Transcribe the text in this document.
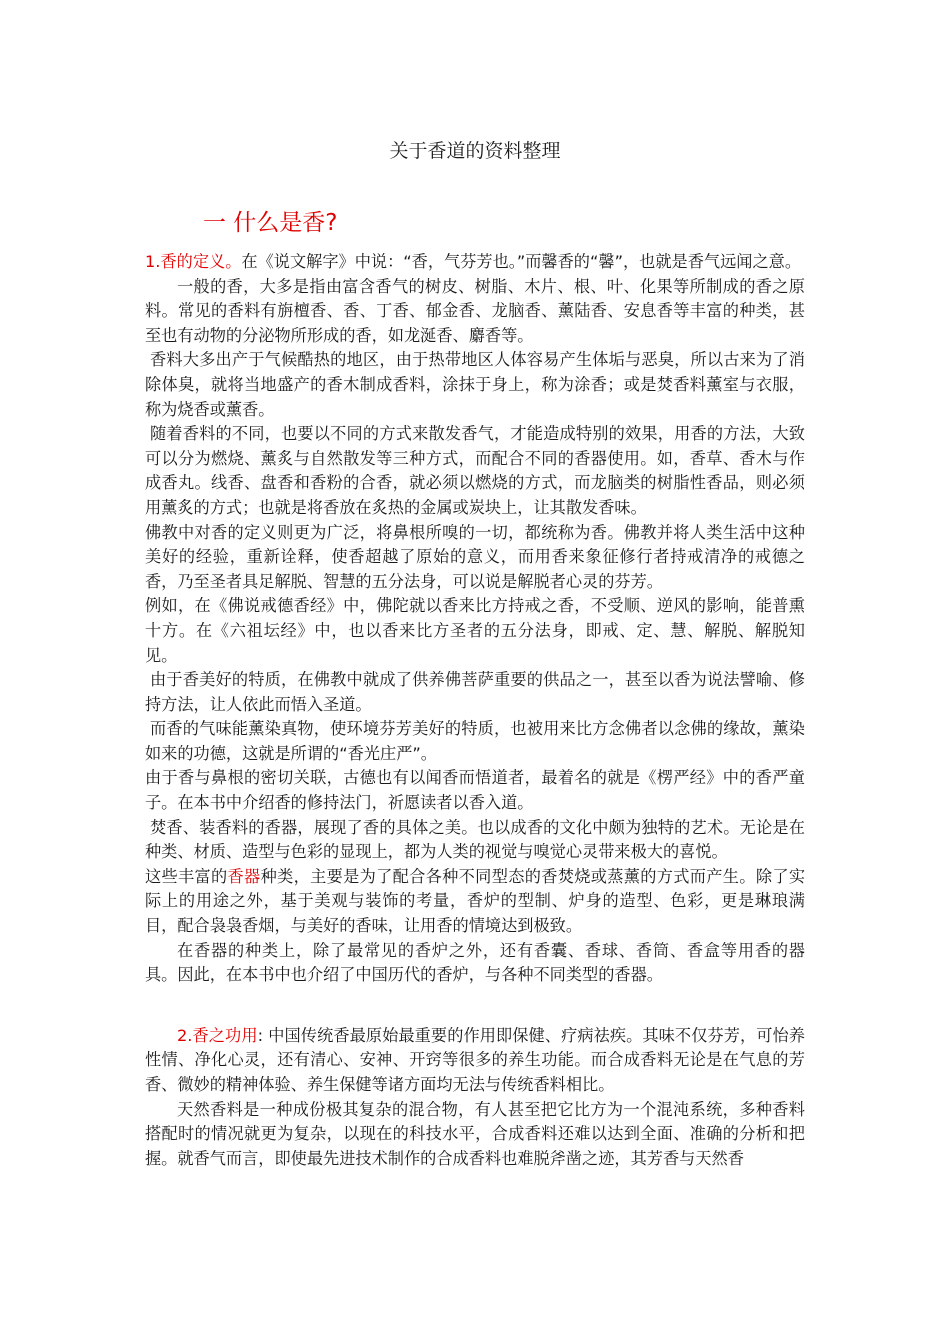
关于香道的资料整理
一 什么是香?

1.香的定义。在《说文解字》中说：“香，气芬芳也。”而馨香的“馨”，也就是香气远闻之意。

一般的香，大多是指由富含香气的树皮、树脂、木片、根、叶、化果等所制成的香之原料。常见的香料有旃檀香、香、丁香、郁金香、龙脑香、薰陆香、安息香等丰富的种类，甚至也有动物的分泌物所形成的香，如龙涎香、麝香等。

香料大多出产于气候酷热的地区，由于热带地区人体容易产生体垢与恶臭，所以古来为了消除体臭，就将当地盛产的香木制成香料，涂抹于身上，称为涂香；或是焚香料薰室与衣服，称为烧香或薰香。

随着香料的不同，也要以不同的方式来散发香气，才能造成特别的效果，用香的方法，大致可以分为燃烧、薰炙与自然散发等三种方式，而配合不同的香器使用。如，香草、香木与作成香丸。线香、盘香和香粉的合香，就必须以燃烧的方式，而龙脑类的树脂性香品，则必须用薰炙的方式；也就是将香放在炙热的金属或炭块上，让其散发香味。

佛教中对香的定义则更为广泛，将鼻根所嗅的一切，都统称为香。佛教并将人类生活中这种美好的经验，重新诠释，使香超越了原始的意义，而用香来象征修行者持戒清净的戒德之香，乃至圣者具足解脱、智慧的五分法身，可以说是解脱者心灵的芬芳。

例如，在《佛说戒德香经》中，佛陀就以香来比方持戒之香，不受顺、逆风的影响，能普熏十方。在《六祖坛经》中，也以香来比方圣者的五分法身，即戒、定、慧、解脱、解脱知见。

由于香美好的特质，在佛教中就成了供养佛菩萨重要的供品之一，甚至以香为说法譬喻、修持方法，让人依此而悟入圣道。

而香的气味能薰染真物，使环境芬芳美好的特质，也被用来比方念佛者以念佛的缘故，薰染如来的功德，这就是所谓的“香光庄严”。

由于香与鼻根的密切关联，古德也有以闻香而悟道者，最着名的就是《楞严经》中的香严童子。在本书中介绍香的修持法门，祈愿读者以香入道。

焚香、装香料的香器，展现了香的具体之美。也以成香的文化中颇为独特的艺术。无论是在种类、材质、造型与色彩的显现上，都为人类的视觉与嗅觉心灵带来极大的喜悦。

这些丰富的香器种类，主要是为了配合各种不同型态的香焚烧或蒸薰的方式而产生。除了实际上的用途之外，基于美观与装饰的考量，香炉的型制、炉身的造型、色彩，更是琳琅满目，配合袅袅香烟，与美好的香味，让用香的情境达到极致。

在香器的种类上，除了最常见的香炉之外，还有香囊、香球、香筒、香盒等用香的器具。因此，在本书中也介绍了中国历代的香炉，与各种不同类型的香器。

2.香之功用: 中国传统香最原始最重要的作用即保健、疗病祛疾。其味不仅芬芳，可怡养性情、净化心灵，还有清心、安神、开窍等很多的养生功能。而合成香料无论是在气息的芳香、微妙的精神体验、养生保健等诸方面均无法与传统香料相比。

天然香料是一种成份极其复杂的混合物，有人甚至把它比方为一个混沌系统，多种香料搭配时的情况就更为复杂，以现在的科技水平，合成香料还难以达到全面、准确的分析和把握。就香气而言，即使最先进技术制作的合成香料也难脱斧凿之迹，其芳香与天然香
